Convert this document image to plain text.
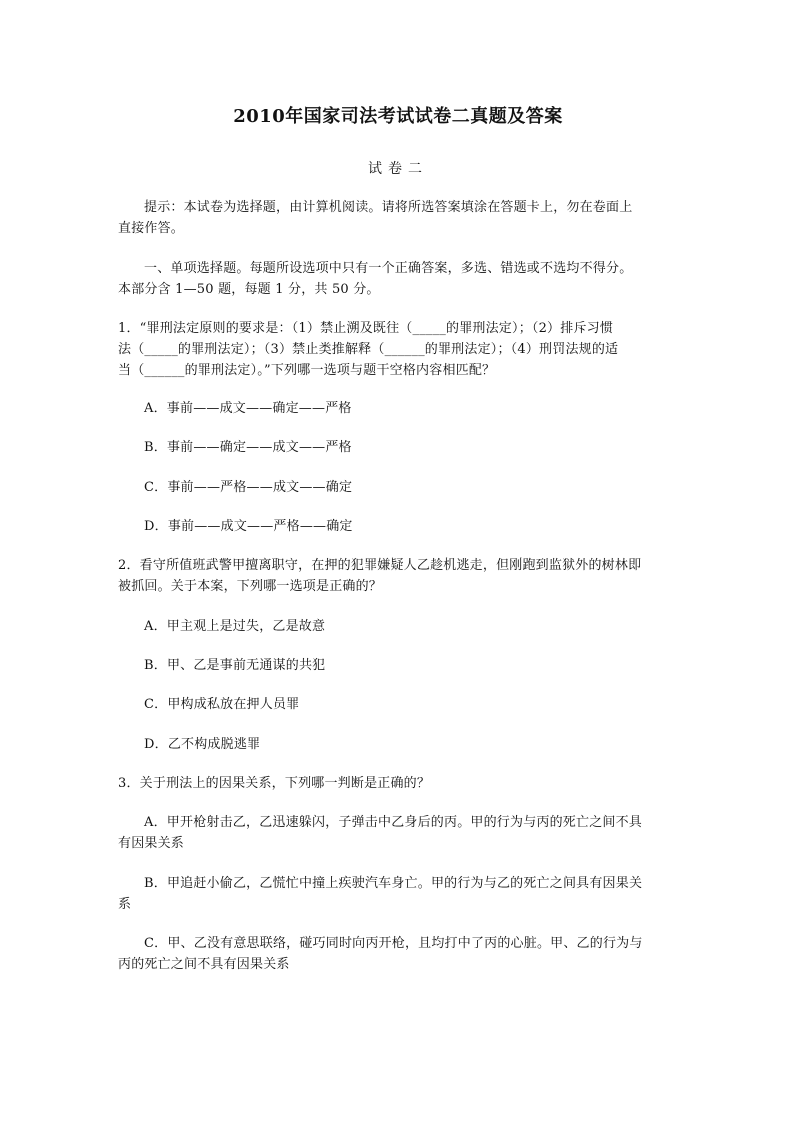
2010年国家司法考试试卷二真题及答案
试卷二
提示：本试卷为选择题，由计算机阅读。请将所选答案填涂在答题卡上，勿在卷面上
直接作答。
一、单项选择题。每题所设选项中只有一个正确答案，多选、错选或不选均不得分。
本部分含 1—50 题，每题 1 分，共 50 分。
1．“罪刑法定原则的要求是：（1）禁止溯及既往（_____的罪刑法定）；（2）排斥习惯
法（_____的罪刑法定）；（3）禁止类推解释（______的罪刑法定）；（4）刑罚法规的适
当（______的罪刑法定）。”下列哪一选项与题干空格内容相匹配？
A．事前——成文——确定——严格
B．事前——确定——成文——严格
C．事前——严格——成文——确定
D．事前——成文——严格——确定
2．看守所值班武警甲擅离职守，在押的犯罪嫌疑人乙趁机逃走，但刚跑到监狱外的树林即
被抓回。关于本案，下列哪一选项是正确的？
A．甲主观上是过失，乙是故意
B．甲、乙是事前无通谋的共犯
C．甲构成私放在押人员罪
D．乙不构成脱逃罪
3．关于刑法上的因果关系，下列哪一判断是正确的？
A．甲开枪射击乙，乙迅速躲闪，子弹击中乙身后的丙。甲的行为与丙的死亡之间不具
有因果关系
B．甲追赶小偷乙，乙慌忙中撞上疾驶汽车身亡。甲的行为与乙的死亡之间具有因果关
系
C．甲、乙没有意思联络，碰巧同时向丙开枪，且均打中了丙的心脏。甲、乙的行为与
丙的死亡之间不具有因果关系
